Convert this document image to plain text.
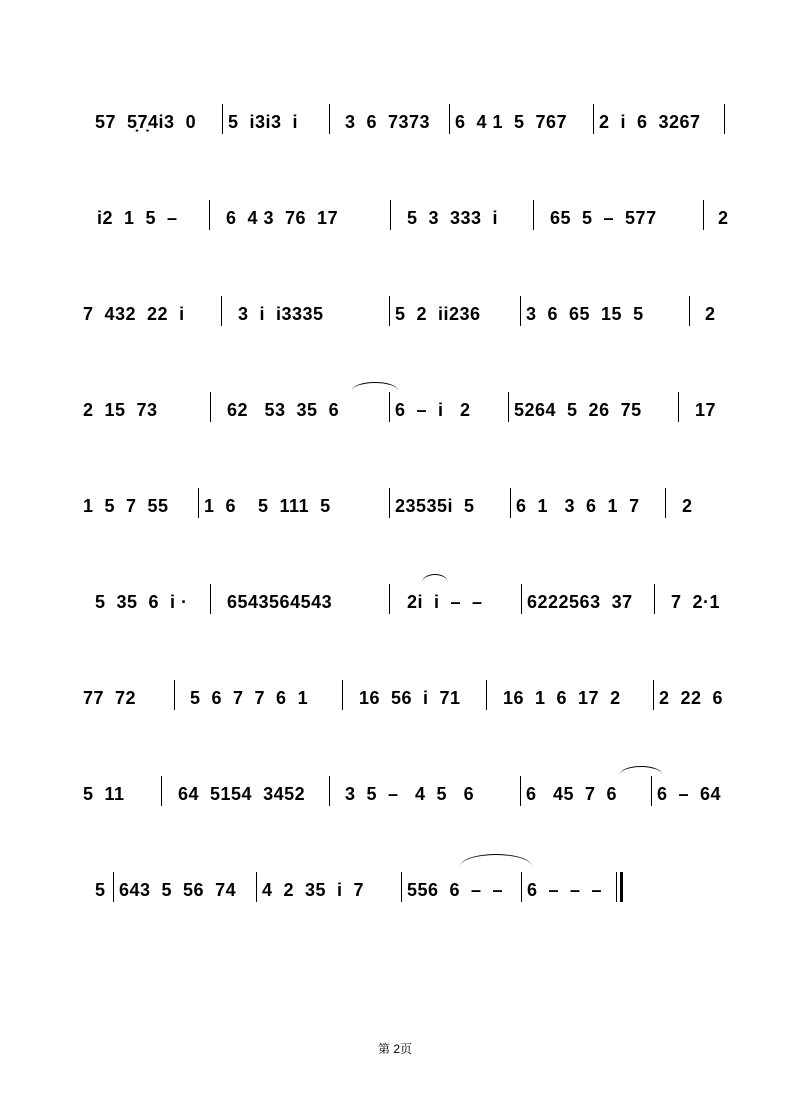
57  5̣7̣4i3  0 5  i3i3  i	3  6  7373 6  4 1  5  767 2  i  6  3267
i2  1  5  –	6  4 3  76  17	5  3  333  i	65  5  –  577	2
7  432  22  i	3  i  i3335	5  2  ii236	3  6  65  15  5	2
2  15  73	62   53  35  6	6  –  i   2 5264  5  26  75	17
1  5  7  55 1  6    5  111  5	23535i  5 6  1   3  6  1  7 2
5  35  6  i · 6543564543	2i  i  –  – 6222563  37 7  2·1
77  72	5  6  7  7  6  1	16  56  i  71 16  1  6  17  2 2  22  6
5  11	64  5154  3452 3  5  –   4  5   6	6   45  7  6 6  –  64
5 643  5  56  74 4  2  35  i  7 556  6  –  – 6  –  –  –
第 2页
